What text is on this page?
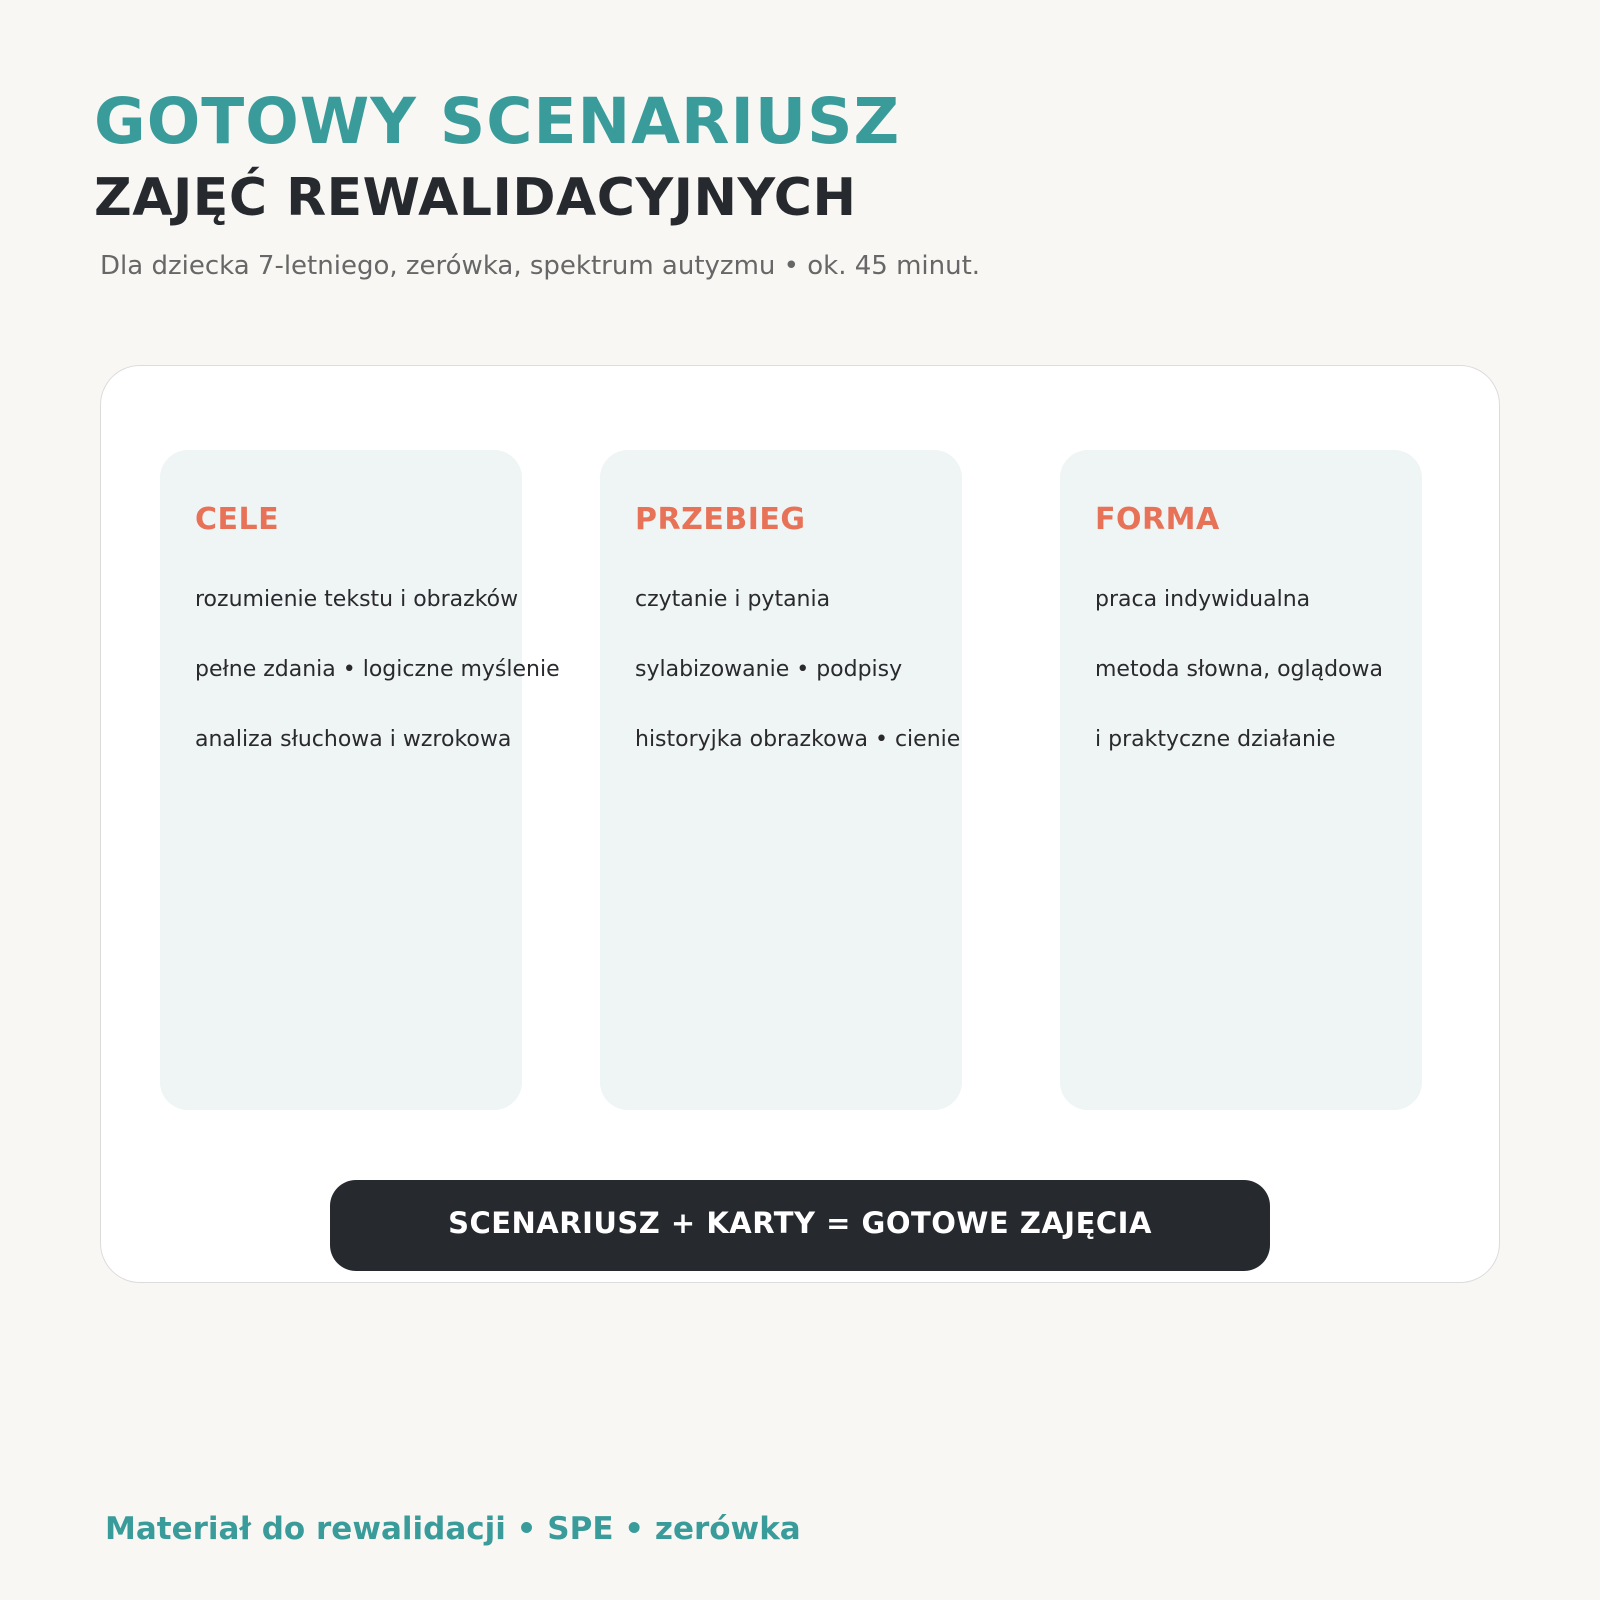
GOTOWY SCENARIUSZ
ZAJĘĆ REWALIDACYJNYCH
Dla dziecka 7-letniego, zerówka, spektrum autyzmu • ok. 45 minut.
CELE
rozumienie tekstu i obrazków
pełne zdania • logiczne myślenie
analiza słuchowa i wzrokowa
PRZEBIEG
czytanie i pytania
sylabizowanie • podpisy
historyjka obrazkowa • cienie
FORMA
praca indywidualna
metoda słowna, oglądowa
i praktyczne działanie
SCENARIUSZ + KARTY = GOTOWE ZAJĘCIA
Materiał do rewalidacji • SPE • zerówka
